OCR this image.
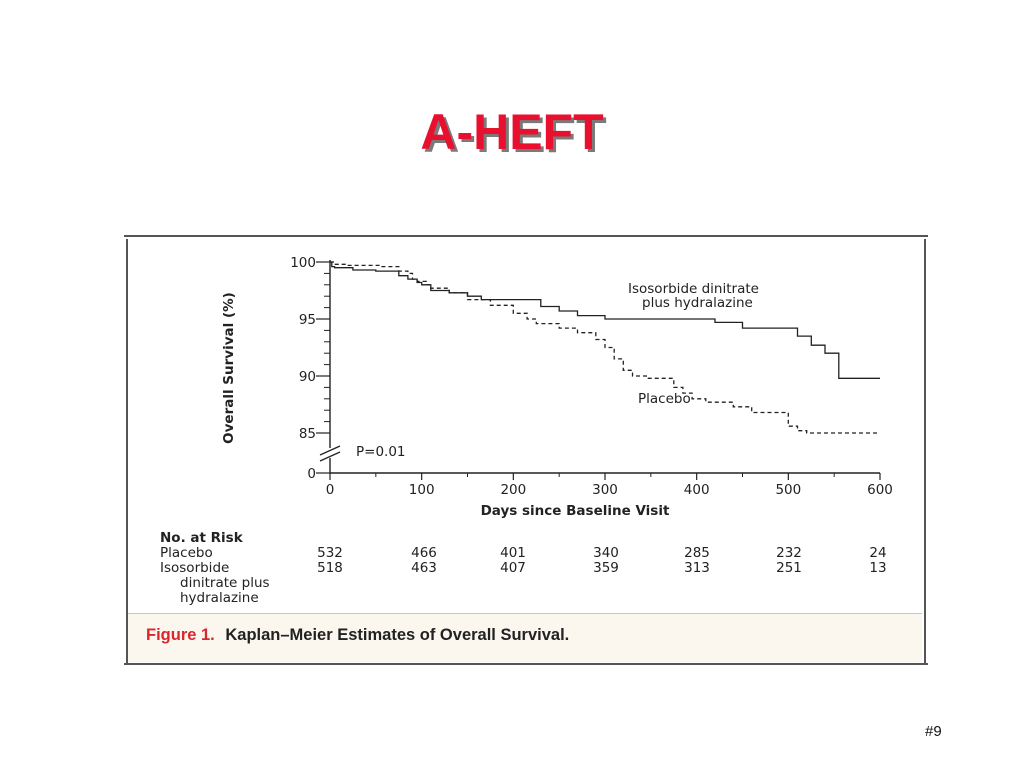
A-HEFT
0
85
90
95
100
0	100	200	300	400	500	600
Days since Baseline Visit
Overall Survival (%)
P=0.01
Isosorbide dinitrate
plus hydralazine
Placebo
No. at Risk
Placebo	532	466	401	340	285	232	24
Isosorbide
dinitrate plus
hydralazine
518	463	407	359	313	251	13
Figure 1. Kaplan–Meier Estimates of Overall Survival.
#9
